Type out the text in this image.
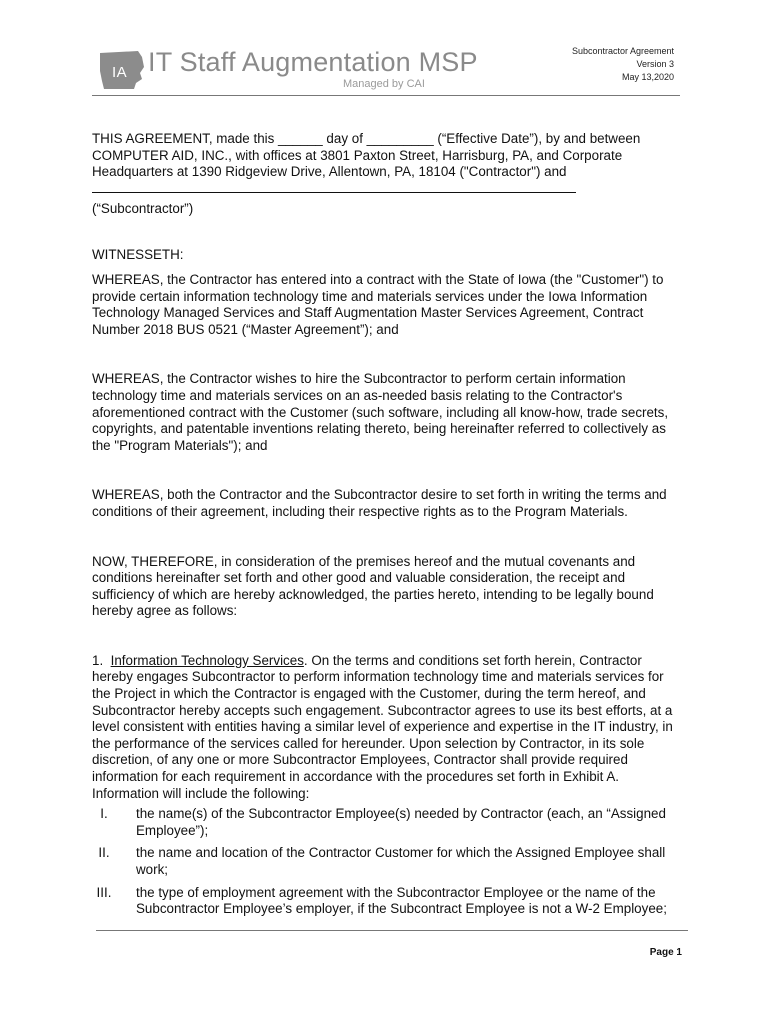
IA IT Staff Augmentation MSP
Managed by CAI
Subcontractor Agreement
Version 3
May 13,2020

THIS AGREEMENT, made this ______ day of _________ (“Effective Date”), by and between COMPUTER AID, INC., with offices at 3801 Paxton Street, Harrisburg, PA, and Corporate Headquarters at 1390 Ridgeview Drive, Allentown, PA, 18104 ("Contractor") and

(“Subcontractor”)

WITNESSETH:

WHEREAS, the Contractor has entered into a contract with the State of Iowa (the "Customer") to provide certain information technology time and materials services under the Iowa Information Technology Managed Services and Staff Augmentation Master Services Agreement, Contract Number 2018 BUS 0521 (“Master Agreement”); and

WHEREAS, the Contractor wishes to hire the Subcontractor to perform certain information technology time and materials services on an as-needed basis relating to the Contractor's aforementioned contract with the Customer (such software, including all know-how, trade secrets, copyrights, and patentable inventions relating thereto, being hereinafter referred to collectively as the "Program Materials"); and

WHEREAS, both the Contractor and the Subcontractor desire to set forth in writing the terms and conditions of their agreement, including their respective rights as to the Program Materials.

NOW, THEREFORE, in consideration of the premises hereof and the mutual covenants and conditions hereinafter set forth and other good and valuable consideration, the receipt and sufficiency of which are hereby acknowledged, the parties hereto, intending to be legally bound hereby agree as follows:

1. Information Technology Services. On the terms and conditions set forth herein, Contractor hereby engages Subcontractor to perform information technology time and materials services for the Project in which the Contractor is engaged with the Customer, during the term hereof, and Subcontractor hereby accepts such engagement. Subcontractor agrees to use its best efforts, at a level consistent with entities having a similar level of experience and expertise in the IT industry, in the performance of the services called for hereunder. Upon selection by Contractor, in its sole discretion, of any one or more Subcontractor Employees, Contractor shall provide required information for each requirement in accordance with the procedures set forth in Exhibit A. Information will include the following:

I.	the name(s) of the Subcontractor Employee(s) needed by Contractor (each, an “Assigned Employee”);
II.	the name and location of the Contractor Customer for which the Assigned Employee shall work;
III.	the type of employment agreement with the Subcontractor Employee or the name of the Subcontractor Employee’s employer, if the Subcontract Employee is not a W-2 Employee;
Page 1
